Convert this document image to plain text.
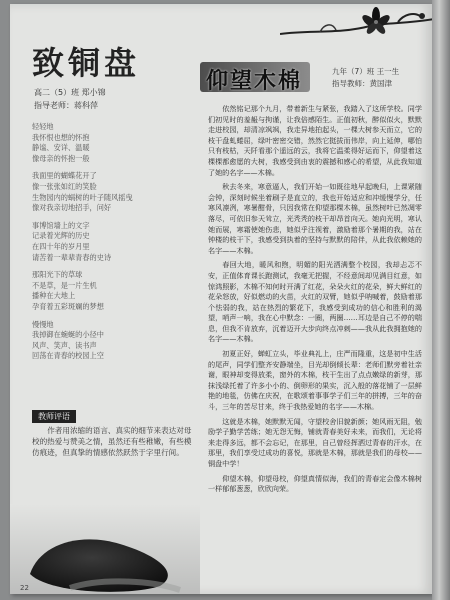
致铜盘
高二（5）班 郑小锦
指导老师：蒋科萍
轻轻地
我怀恨也想的怀抱
静谧、安详、温暖
像母亲的怀抱一般
我面里的蝴蝶花开了
像一张张如红的笑脸
生物园内的蜗树的叶子随风摇曳
像对我亲切地招手，问好
事博馆墙上的文字
记录着光辉的历史
在四十年的岁月里
请苦着一辈辈青春的史诗
那阳光下的草球
不是草，是一片生机
播种在大地上
孕育着五彩斑斓的梦想
慢慢地
我掉御在蜿蜒的小径中
风声、笑声、读书声
回荡在青春的校园上空
教师评语
作者用浓缩的语言、真实的细节来表达对母校的热爱与赞美之情，虽然还有些稚嫩，有些模仿痕迹，但真挚的情感依然跃然于字里行间。
22
仰望木棉	九年（7）班 王一生
指导教师：黄国津

依然铭记那个九月，带着新生与紧张，我踏入了这所学校。同学们初见时的羞赧与拘谨，让我倍感陌生。正值初秋，醉似似火，默默走进校园，却清凉飒飒，我走异地拍起头，一棵大树参天而立，它的枝干盘虬蜷屈，绿叶密密交错，然然它挺拔而伟岸，向上延伸，哪怕只有枝枯，天阡看那个遥远的云，我将它温柔得好运而下，仰望着这棵棵都愈愿的大树，我感受到由衷的震撼和感心的希望，从此我知道了她的名字——木棉。

秋去冬来，寒意逼人，我们开始一如既往地早起晚归，上课紧随会钟，深刻时候坐着刷子是直立的，我也开始适应和冲缓慢学分，任寒风凛冽，寒暑酣骨，只因我常在仰望那棵木棉，虽然树叶已然凋零落尽，可依旧参天耸立，光秃秃的枝干却昂首向天。她向光明，寒认她而展，寒霜使她伤悲，她似乎注视着，激励着那个暑期的我，站在钟楼的枝干下，我感受到执着的坚持与默默的陪伴，从此我依赖她的名字——木棉。

春回大地，暖风和煦，明媚的阳光洒满整个校园，我却忐忑不安，正值体育课长跑测试，我毫无把握，不经意间却见满目红意，如惊鸿照影，木棉不知何时开满了红花，朵朵火红的花朵，鲜大鲜红的花朵怒放，好似燃动的火苗，火红的双臂，她似乎呐喊着，鼓励着那个怯弱的我，站在热烈的繁花下，我感受到成功的信心和胜利的渴望，哨声一响，我在心中默念：一圈，两圈……耳边是自己不停的喘息，但我不肯放弃，沉着迈开大步向终点冲刺——我从此我拥抱她的名字——木棉。

初夏正好，蝉虹立头，毕业典礼上，庄严而隆重，这是初中生活的尾声，同学们整齐安静端坐，目光却倒倾长辈：老师们默旁着社亲谢，眼神却变得放柔，窗外的木棉，枝干生出了点点嫩绿的新芽，那抹浅绿托着了许多小小的、倒卵形的果实，沉入般的落花铺了一层鲜艳的地毯，仿佛在庆祝，在歌颂着事事学子们三年的拼搏，三年的奋斗，三年的苦尽甘来，终于我热爱她的名字——木棉。

这就是木棉，她默默无闻，守望校舍旧貌新颜；她风雨无阻，勉励学子勤学苦练；她无怨无悔，铺就青春美好未来，而我们，无论将来走得多远，都不会忘记，在那里，自己曾经挥洒过青春的汗水，在那里，我们享受过成功的喜悦，那就是木棉，那就是我们的母校——铜盘中学！

仰望木棉，仰望母校，仰望真情似海，我们的青春定会像木棉树一样郁郁葱葱，欣欣向荣。
